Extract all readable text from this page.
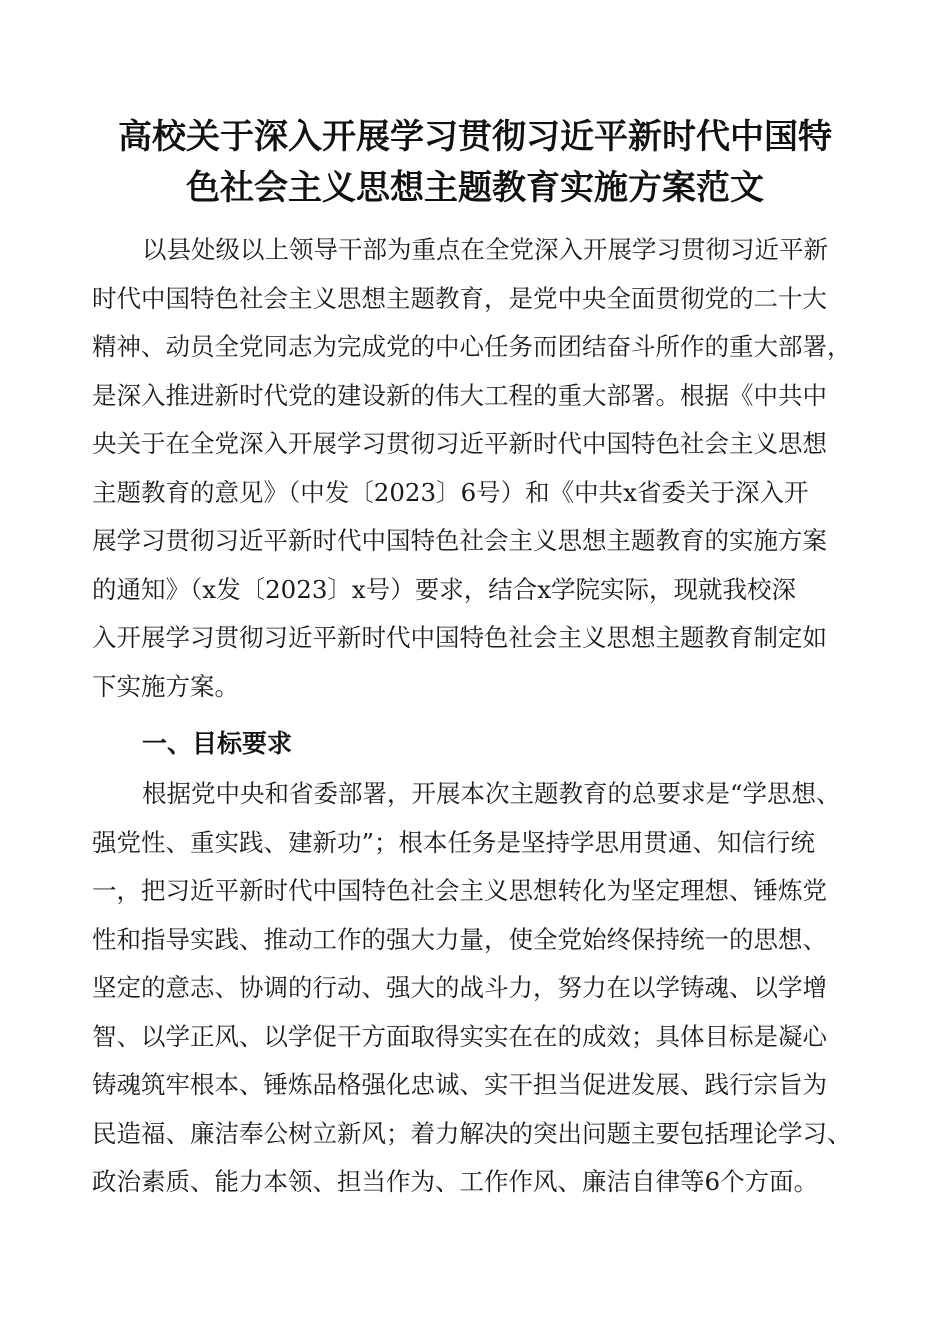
高校关于深入开展学习贯彻习近平新时代中国特
色社会主义思想主题教育实施方案范文
以县处级以上领导干部为重点在全党深入开展学习贯彻习近平新
时代中国特色社会主义思想主题教育，是党中央全面贯彻党的二十大
精神、动员全党同志为完成党的中心任务而团结奋斗所作的重大部署，
是深入推进新时代党的建设新的伟大工程的重大部署。根据《中共中
央关于在全党深入开展学习贯彻习近平新时代中国特色社会主义思想
主题教育的意见》（中发〔2023〕6号）和《中共x省委关于深入开
展学习贯彻习近平新时代中国特色社会主义思想主题教育的实施方案
的通知》（x发〔2023〕x号）要求，结合x学院实际，现就我校深
入开展学习贯彻习近平新时代中国特色社会主义思想主题教育制定如
下实施方案。
一、目标要求
根据党中央和省委部署，开展本次主题教育的总要求是“学思想、
强党性、重实践、建新功”；根本任务是坚持学思用贯通、知信行统
一，把习近平新时代中国特色社会主义思想转化为坚定理想、锤炼党
性和指导实践、推动工作的强大力量，使全党始终保持统一的思想、
坚定的意志、协调的行动、强大的战斗力，努力在以学铸魂、以学增
智、以学正风、以学促干方面取得实实在在的成效；具体目标是凝心
铸魂筑牢根本、锤炼品格强化忠诚、实干担当促进发展、践行宗旨为
民造福、廉洁奉公树立新风；着力解决的突出问题主要包括理论学习、
政治素质、能力本领、担当作为、工作作风、廉洁自律等6个方面。
